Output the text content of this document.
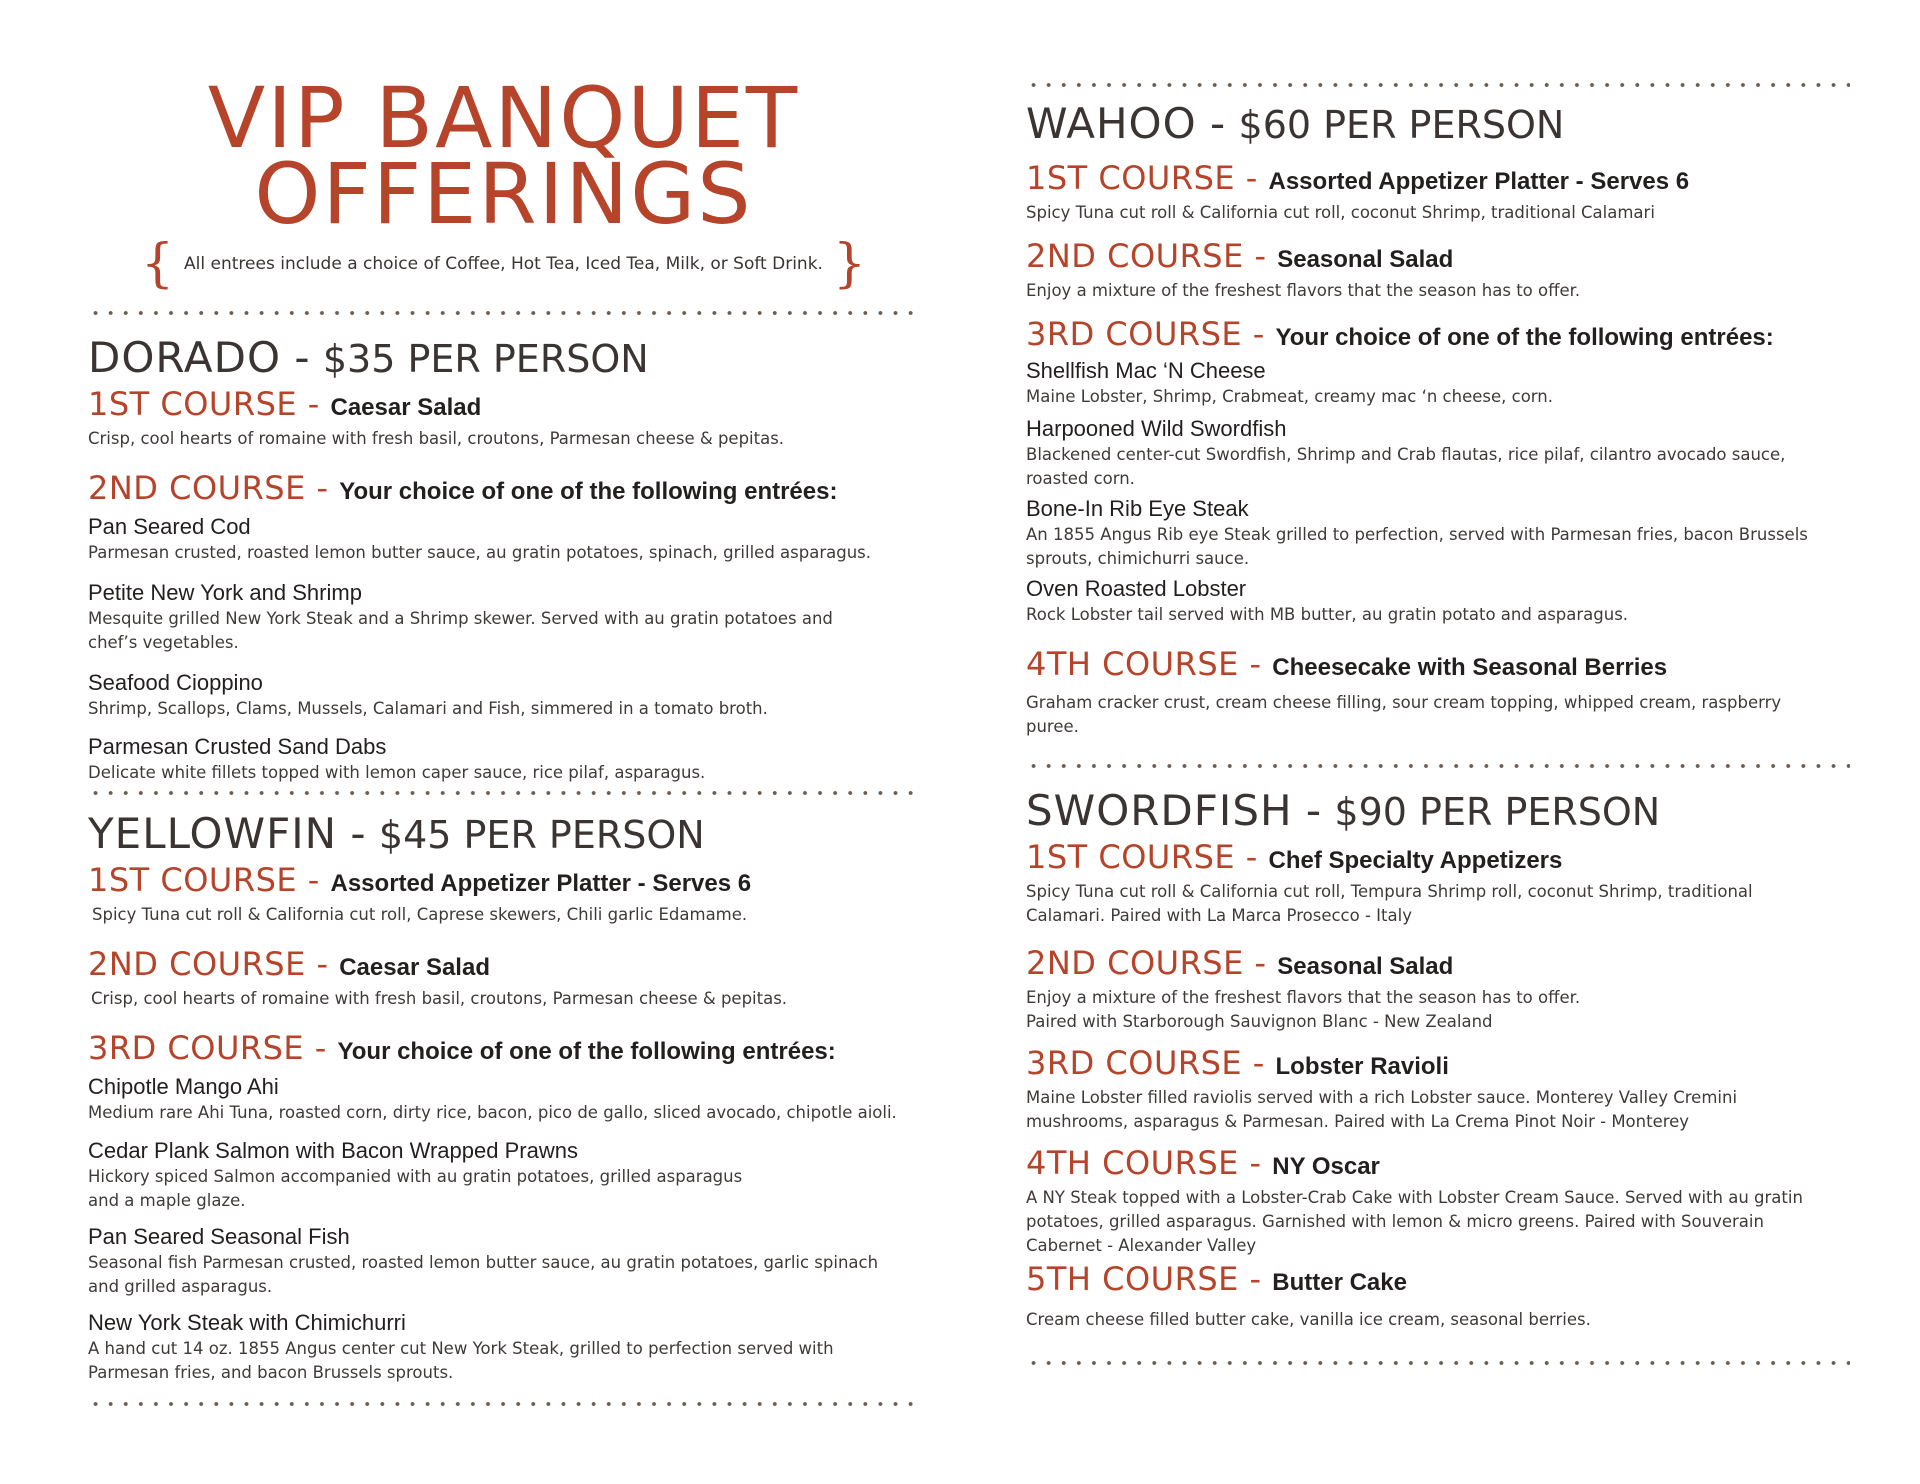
VIP BANQUET
OFFERINGS
{ All entrees include a choice of Coffee, Hot Tea, Iced Tea, Milk, or Soft Drink. }
DORADO - $35 PER PERSON

1ST COURSE - Caesar Salad

Crisp, cool hearts of romaine with fresh basil, croutons, Parmesan cheese & pepitas.

2ND COURSE - Your choice of one of the following entrées:

Pan Seared Cod

Parmesan crusted, roasted lemon butter sauce, au gratin potatoes, spinach, grilled asparagus.

Petite New York and Shrimp

Mesquite grilled New York Steak and a Shrimp skewer. Served with au gratin potatoes and

chef’s vegetables.

Seafood Cioppino

Shrimp, Scallops, Clams, Mussels, Calamari and Fish, simmered in a tomato broth.

Parmesan Crusted Sand Dabs

Delicate white fillets topped with lemon caper sauce, rice pilaf, asparagus.

YELLOWFIN - $45 PER PERSON

1ST COURSE - Assorted Appetizer Platter - Serves 6

Spicy Tuna cut roll & California cut roll, Caprese skewers, Chili garlic Edamame.

2ND COURSE - Caesar Salad

Crisp, cool hearts of romaine with fresh basil, croutons, Parmesan cheese & pepitas.

3RD COURSE - Your choice of one of the following entrées:

Chipotle Mango Ahi

Medium rare Ahi Tuna, roasted corn, dirty rice, bacon, pico de gallo, sliced avocado, chipotle aioli.

Cedar Plank Salmon with Bacon Wrapped Prawns

Hickory spiced Salmon accompanied with au gratin potatoes, grilled asparagus

and a maple glaze.

Pan Seared Seasonal Fish

Seasonal fish Parmesan crusted, roasted lemon butter sauce, au gratin potatoes, garlic spinach

and grilled asparagus.

New York Steak with Chimichurri

A hand cut 14 oz. 1855 Angus center cut New York Steak, grilled to perfection served with

Parmesan fries, and bacon Brussels sprouts.

WAHOO - $60 PER PERSON

1ST COURSE - Assorted Appetizer Platter - Serves 6

Spicy Tuna cut roll & California cut roll, coconut Shrimp, traditional Calamari

2ND COURSE - Seasonal Salad

Enjoy a mixture of the freshest flavors that the season has to offer.

3RD COURSE - Your choice of one of the following entrées:

Shellfish Mac ‘N Cheese

Maine Lobster, Shrimp, Crabmeat, creamy mac ‘n cheese, corn.

Harpooned Wild Swordfish

Blackened center-cut Swordfish, Shrimp and Crab flautas, rice pilaf, cilantro avocado sauce,

roasted corn.

Bone-In Rib Eye Steak

An 1855 Angus Rib eye Steak grilled to perfection, served with Parmesan fries, bacon Brussels

sprouts, chimichurri sauce.

Oven Roasted Lobster

Rock Lobster tail served with MB butter, au gratin potato and asparagus.

4TH COURSE - Cheesecake with Seasonal Berries

Graham cracker crust, cream cheese filling, sour cream topping, whipped cream, raspberry

puree.

SWORDFISH - $90 PER PERSON

1ST COURSE - Chef Specialty Appetizers

Spicy Tuna cut roll & California cut roll, Tempura Shrimp roll, coconut Shrimp, traditional

Calamari. Paired with La Marca Prosecco - Italy

2ND COURSE - Seasonal Salad

Enjoy a mixture of the freshest flavors that the season has to offer.

Paired with Starborough Sauvignon Blanc - New Zealand

3RD COURSE - Lobster Ravioli

Maine Lobster filled raviolis served with a rich Lobster sauce. Monterey Valley Cremini

mushrooms, asparagus & Parmesan. Paired with La Crema Pinot Noir - Monterey

4TH COURSE - NY Oscar

A NY Steak topped with a Lobster-Crab Cake with Lobster Cream Sauce. Served with au gratin

potatoes, grilled asparagus. Garnished with lemon & micro greens. Paired with Souverain

Cabernet - Alexander Valley

5TH COURSE - Butter Cake

Cream cheese filled butter cake, vanilla ice cream, seasonal berries.
